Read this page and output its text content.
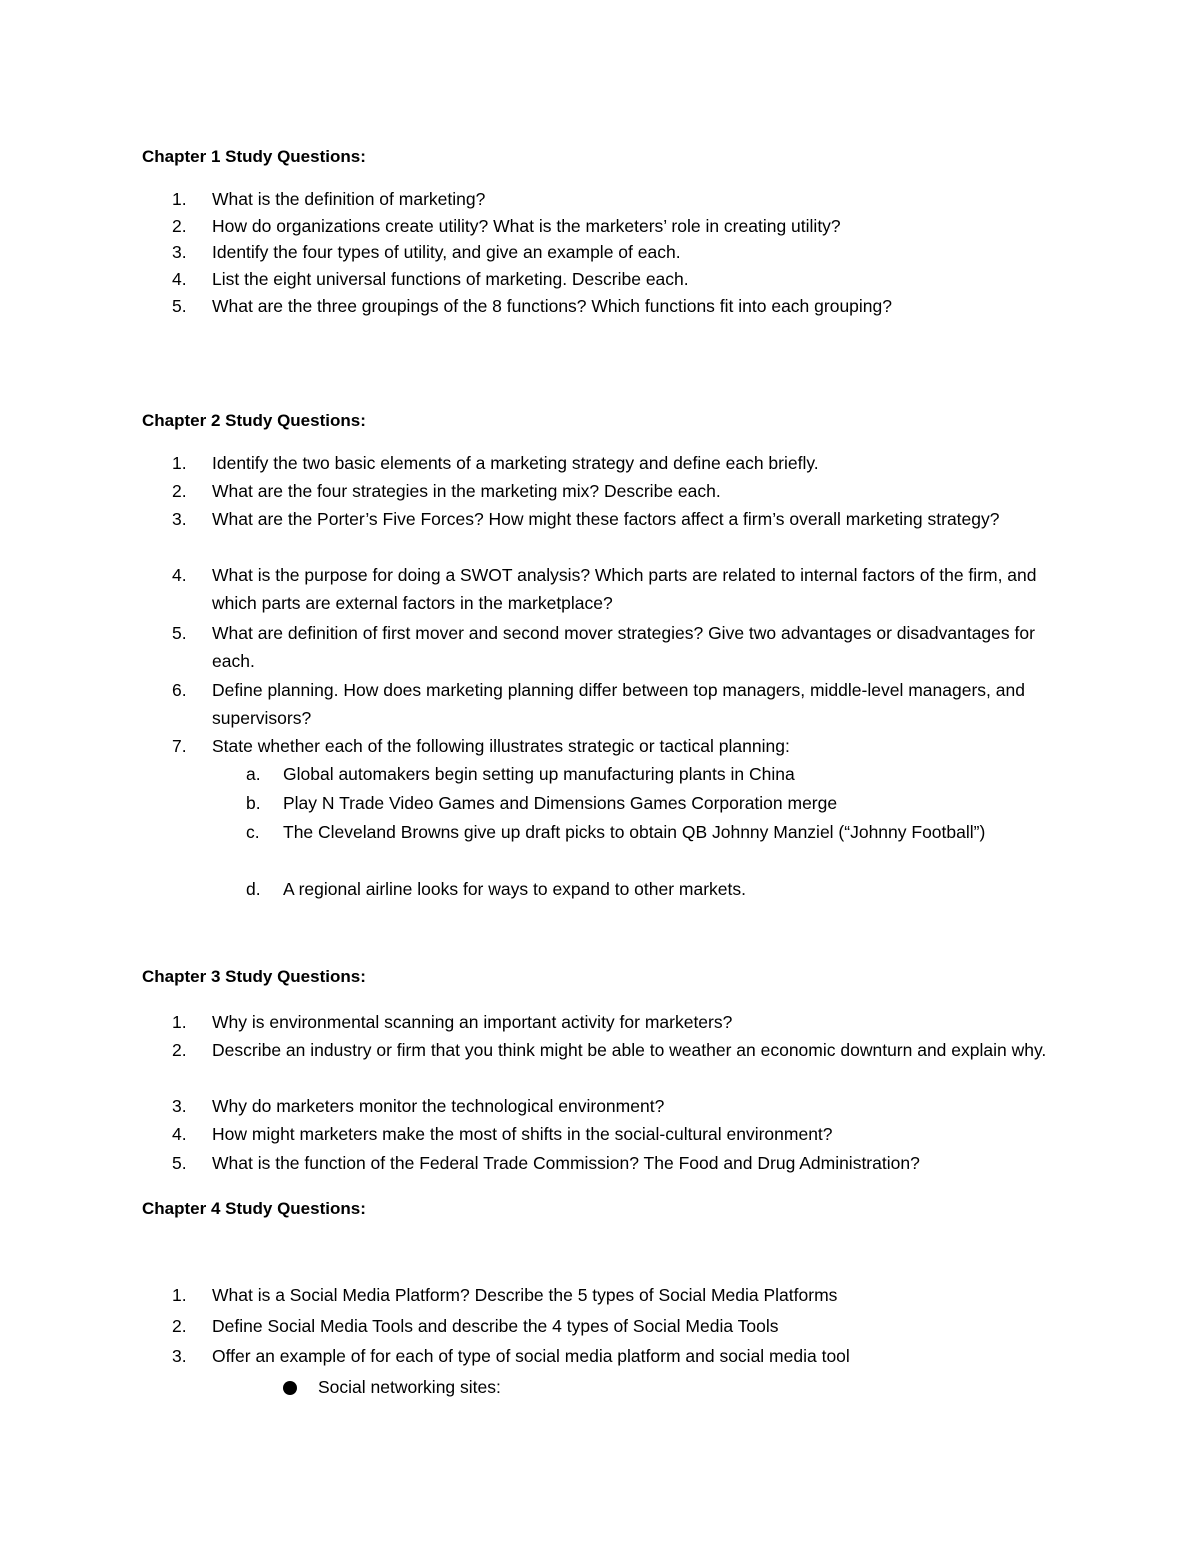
Chapter 1 Study Questions:
1.	What is the definition of marketing?
2.	How do organizations create utility? What is the marketers’ role in creating utility?
3.	Identify the four types of utility, and give an example of each.
4.	List the eight universal functions of marketing. Describe each.
5.	What are the three groupings of the 8 functions? Which functions fit into each grouping?
Chapter 2 Study Questions:
1.	Identify the two basic elements of a marketing strategy and define each briefly.
2.	What are the four strategies in the marketing mix? Describe each.
3.	What are the Porter’s Five Forces? How might these factors affect a firm’s overall marketing strategy?
4.	What is the purpose for doing a SWOT analysis? Which parts are related to internal factors of the firm, and which parts are external factors in the marketplace?
5.	What are definition of first mover and second mover strategies? Give two advantages or disadvantages for each.
6.	Define planning. How does marketing planning differ between top managers, middle-level managers, and supervisors?
7.	State whether each of the following illustrates strategic or tactical planning:
a.	Global automakers begin setting up manufacturing plants in China
b.	Play N Trade Video Games and Dimensions Games Corporation merge
c.	The Cleveland Browns give up draft picks to obtain QB Johnny Manziel (“Johnny Football”)
d.	A regional airline looks for ways to expand to other markets.
Chapter 3 Study Questions:
1.	Why is environmental scanning an important activity for marketers?
2.	Describe an industry or firm that you think might be able to weather an economic downturn and explain why.
3.	Why do marketers monitor the technological environment?
4.	How might marketers make the most of shifts in the social-cultural environment?
5.	What is the function of the Federal Trade Commission? The Food and Drug Administration?
Chapter 4 Study Questions:
1.	What is a Social Media Platform? Describe the 5 types of Social Media Platforms
2.	Define Social Media Tools and describe the 4 types of Social Media Tools
3.	Offer an example of for each of type of social media platform and social media tool
Social networking sites:
